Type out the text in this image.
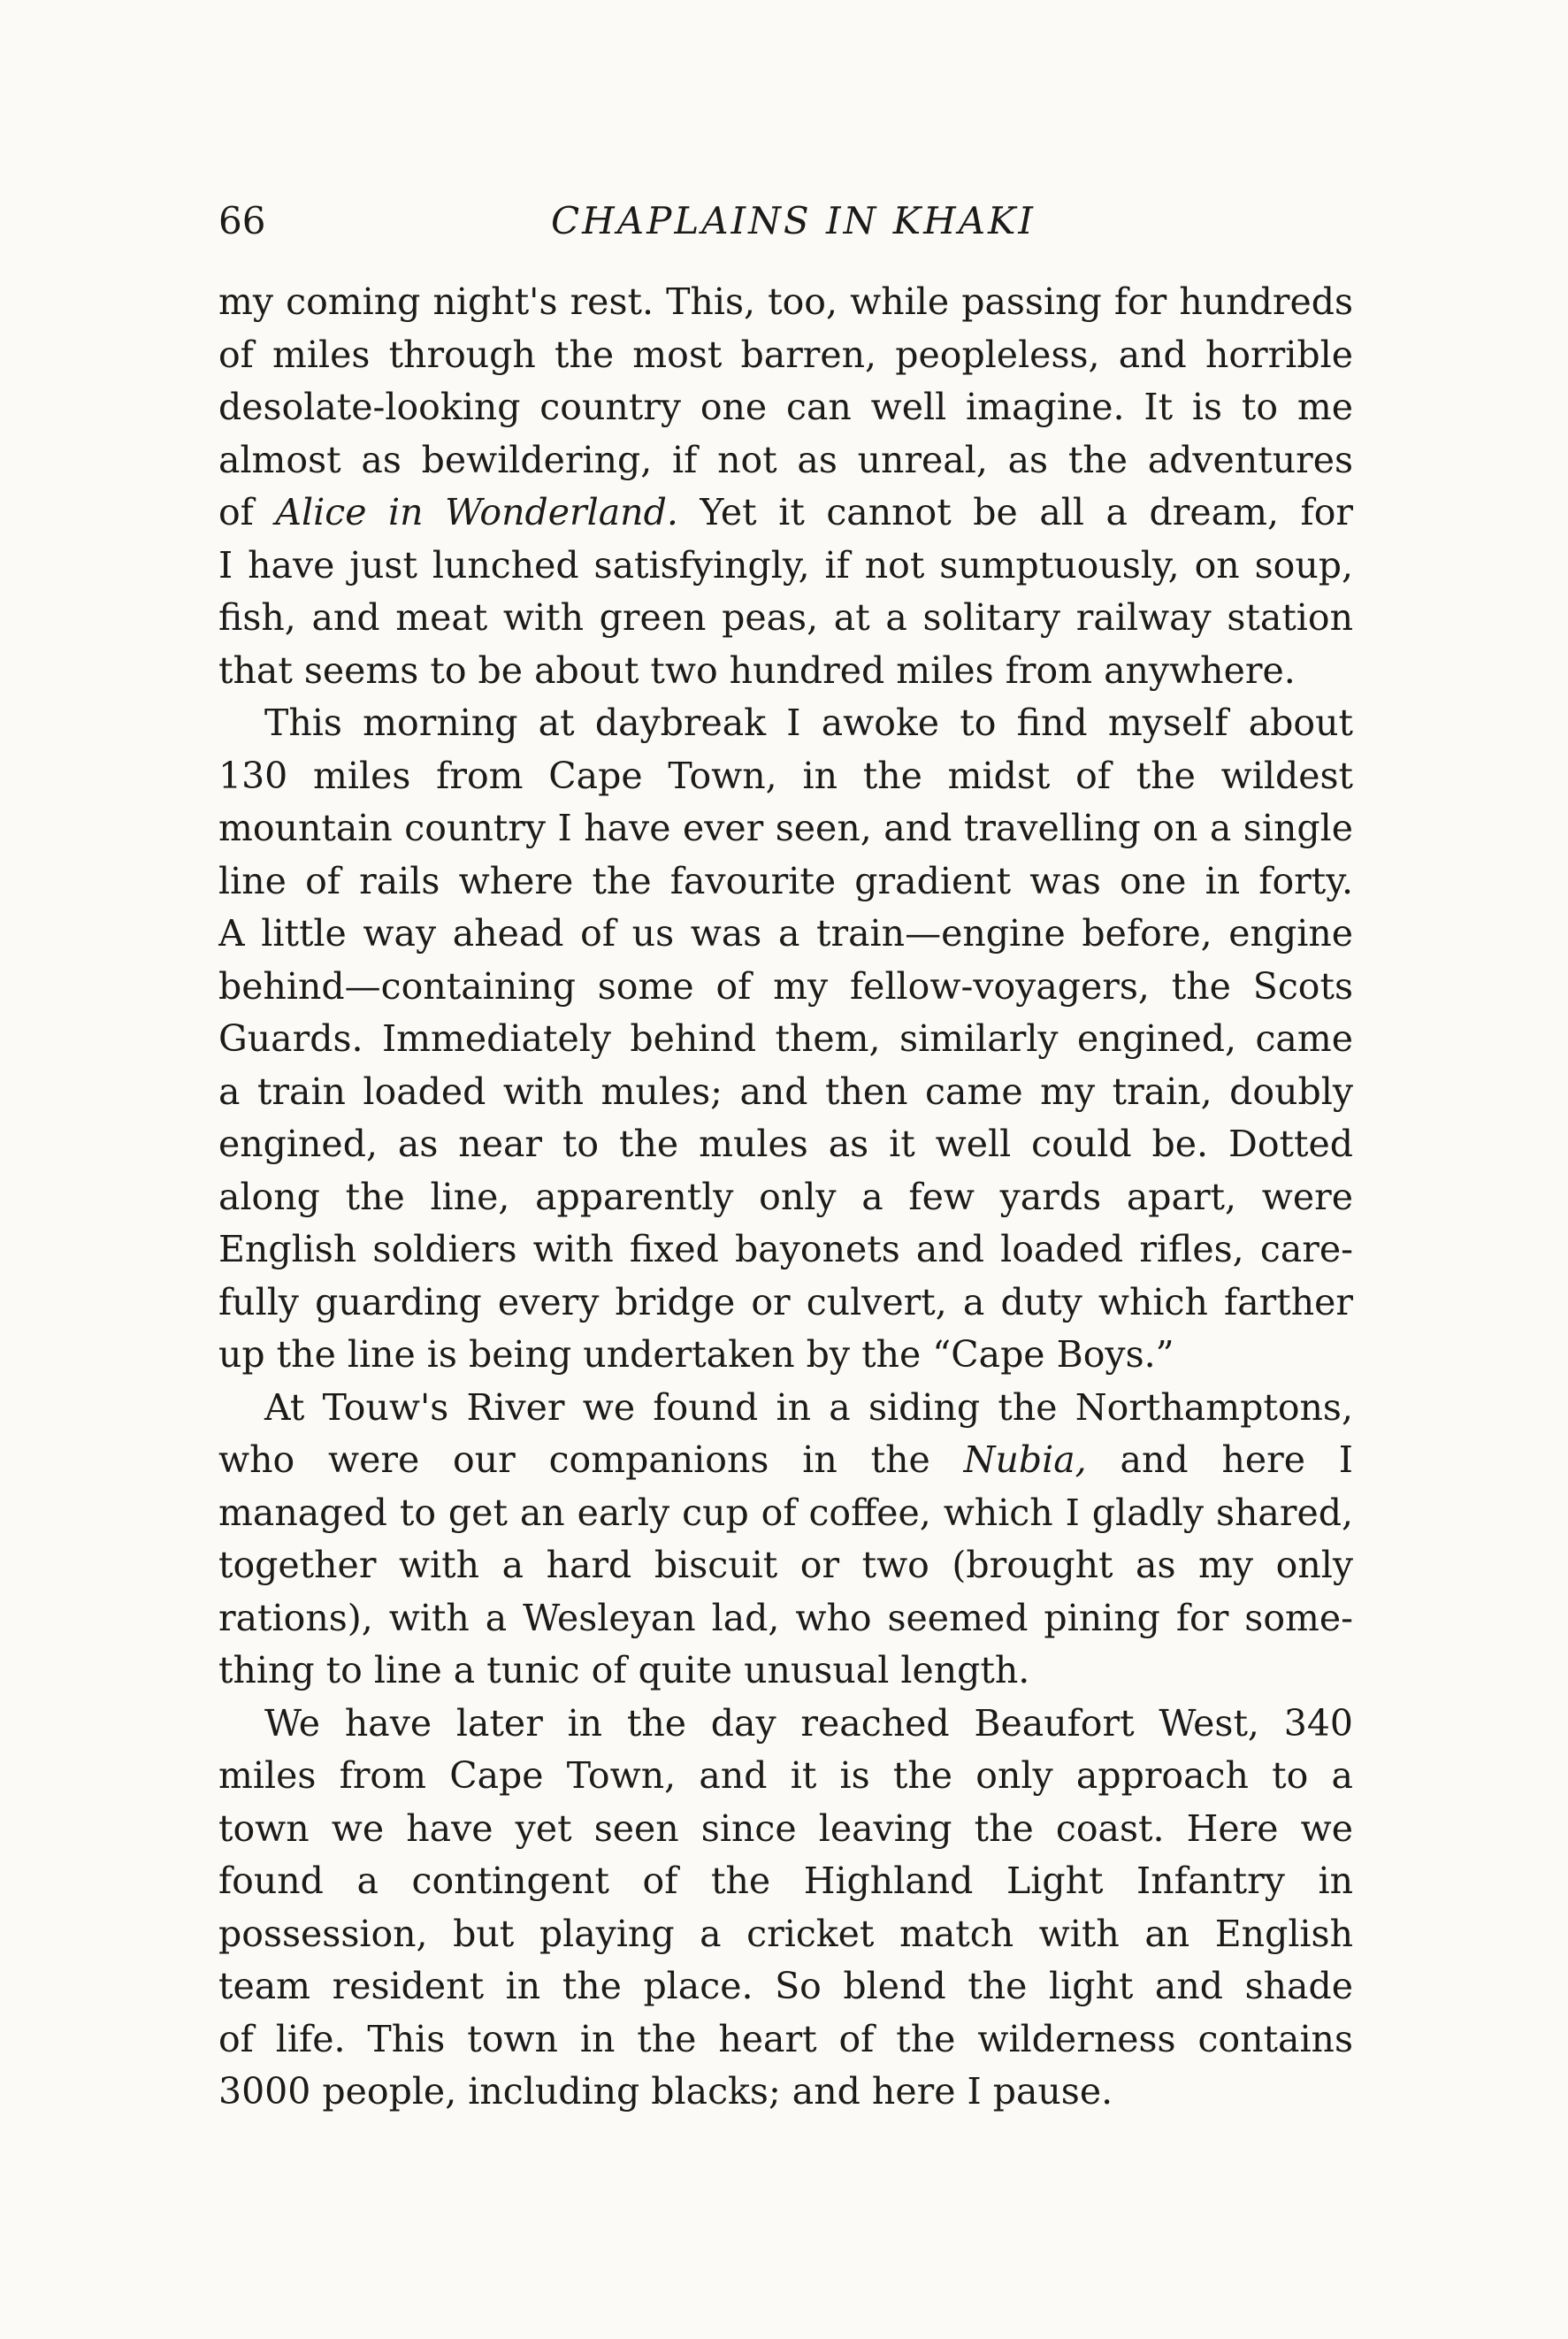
66	CHAPLAINS IN KHAKI
my coming night's rest. This, too, while passing for hundreds
of miles through the most barren, peopleless, and horrible
desolate-looking country one can well imagine. It is to me
almost as bewildering, if not as unreal, as the adventures
of Alice in Wonderland. Yet it cannot be all a dream, for
I have just lunched satisfyingly, if not sumptuously, on soup,
fish, and meat with green peas, at a solitary railway station
that seems to be about two hundred miles from anywhere.
This morning at daybreak I awoke to find myself about
130 miles from Cape Town, in the midst of the wildest
mountain country I have ever seen, and travelling on a single
line of rails where the favourite gradient was one in forty.
A little way ahead of us was a train—engine before, engine
behind—containing some of my fellow-voyagers, the Scots
Guards. Immediately behind them, similarly engined, came
a train loaded with mules; and then came my train, doubly
engined, as near to the mules as it well could be. Dotted
along the line, apparently only a few yards apart, were
English soldiers with fixed bayonets and loaded rifles, care-
fully guarding every bridge or culvert, a duty which farther
up the line is being undertaken by the “Cape Boys.”
At Touw's River we found in a siding the Northamptons,
who were our companions in the Nubia, and here I
managed to get an early cup of coffee, which I gladly shared,
together with a hard biscuit or two (brought as my only
rations), with a Wesleyan lad, who seemed pining for some-
thing to line a tunic of quite unusual length.
We have later in the day reached Beaufort West, 340
miles from Cape Town, and it is the only approach to a
town we have yet seen since leaving the coast. Here we
found a contingent of the Highland Light Infantry in
possession, but playing a cricket match with an English
team resident in the place. So blend the light and shade
of life. This town in the heart of the wilderness contains
3000 people, including blacks; and here I pause.
